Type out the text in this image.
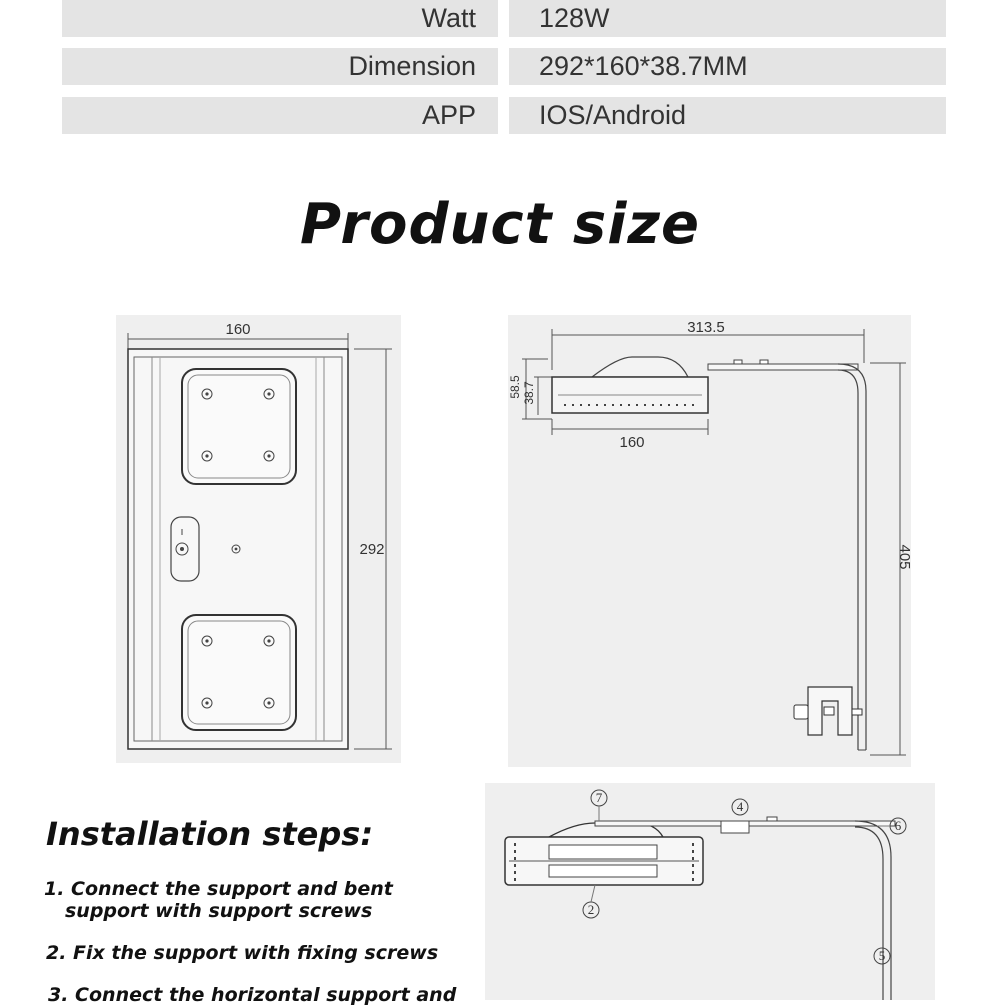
Watt	128W
Dimension	292*160*38.7MM
APP	IOS/Android
Product size
160
292
313.5
58.5 38.7
160
405
Installation steps:
1. Connect the support and bent
support with support screws
2. Fix the support with fixing screws
3. Connect the horizontal support and
7
4
6
2
5
